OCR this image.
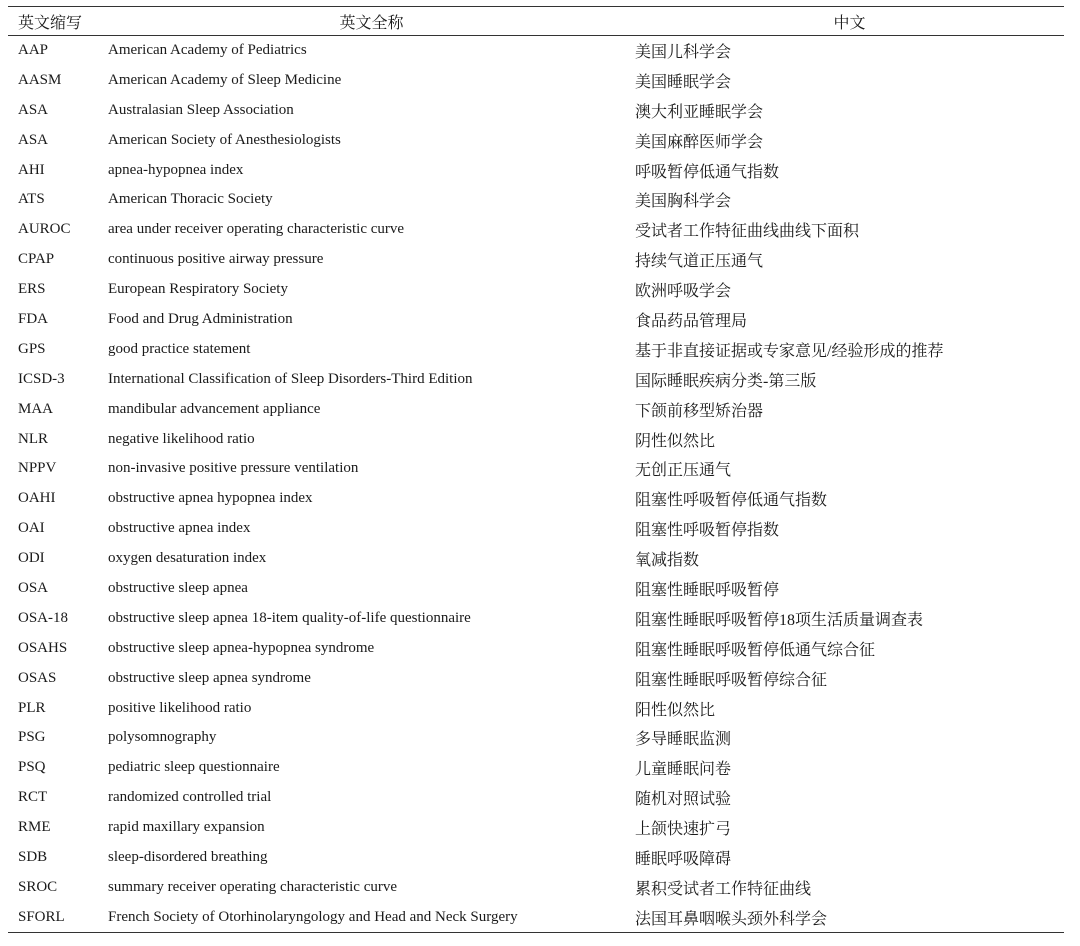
英文缩写	英文全称	中文
AAP	American Academy of Pediatrics	美国儿科学会
AASM	American Academy of Sleep Medicine	美国睡眠学会
ASA	Australasian Sleep Association	澳大利亚睡眠学会
ASA	American Society of Anesthesiologists	美国麻醉医师学会
AHI	apnea-hypopnea index	呼吸暂停低通气指数
ATS	American Thoracic Society	美国胸科学会
AUROC	area under receiver operating characteristic curve	受试者工作特征曲线曲线下面积
CPAP	continuous positive airway pressure	持续气道正压通气
ERS	European Respiratory Society	欧洲呼吸学会
FDA	Food and Drug Administration	食品药品管理局
GPS	good practice statement	基于非直接证据或专家意见/经验形成的推荐
ICSD-3	International Classification of Sleep Disorders-Third Edition	国际睡眠疾病分类-第三版
MAA	mandibular advancement appliance	下颌前移型矫治器
NLR	negative likelihood ratio	阴性似然比
NPPV	non-invasive positive pressure ventilation	无创正压通气
OAHI	obstructive apnea hypopnea index	阻塞性呼吸暂停低通气指数
OAI	obstructive apnea index	阻塞性呼吸暂停指数
ODI	oxygen desaturation index	氧减指数
OSA	obstructive sleep apnea	阻塞性睡眠呼吸暂停
OSA-18	obstructive sleep apnea 18-item quality-of-life questionnaire	阻塞性睡眠呼吸暂停18项生活质量调查表
OSAHS	obstructive sleep apnea-hypopnea syndrome	阻塞性睡眠呼吸暂停低通气综合征
OSAS	obstructive sleep apnea syndrome	阻塞性睡眠呼吸暂停综合征
PLR	positive likelihood ratio	阳性似然比
PSG	polysomnography	多导睡眠监测
PSQ	pediatric sleep questionnaire	儿童睡眠问卷
RCT	randomized controlled trial	随机对照试验
RME	rapid maxillary expansion	上颌快速扩弓
SDB	sleep-disordered breathing	睡眠呼吸障碍
SROC	summary receiver operating characteristic curve	累积受试者工作特征曲线
SFORL	French Society of Otorhinolaryngology and Head and Neck Surgery	法国耳鼻咽喉头颈外科学会
